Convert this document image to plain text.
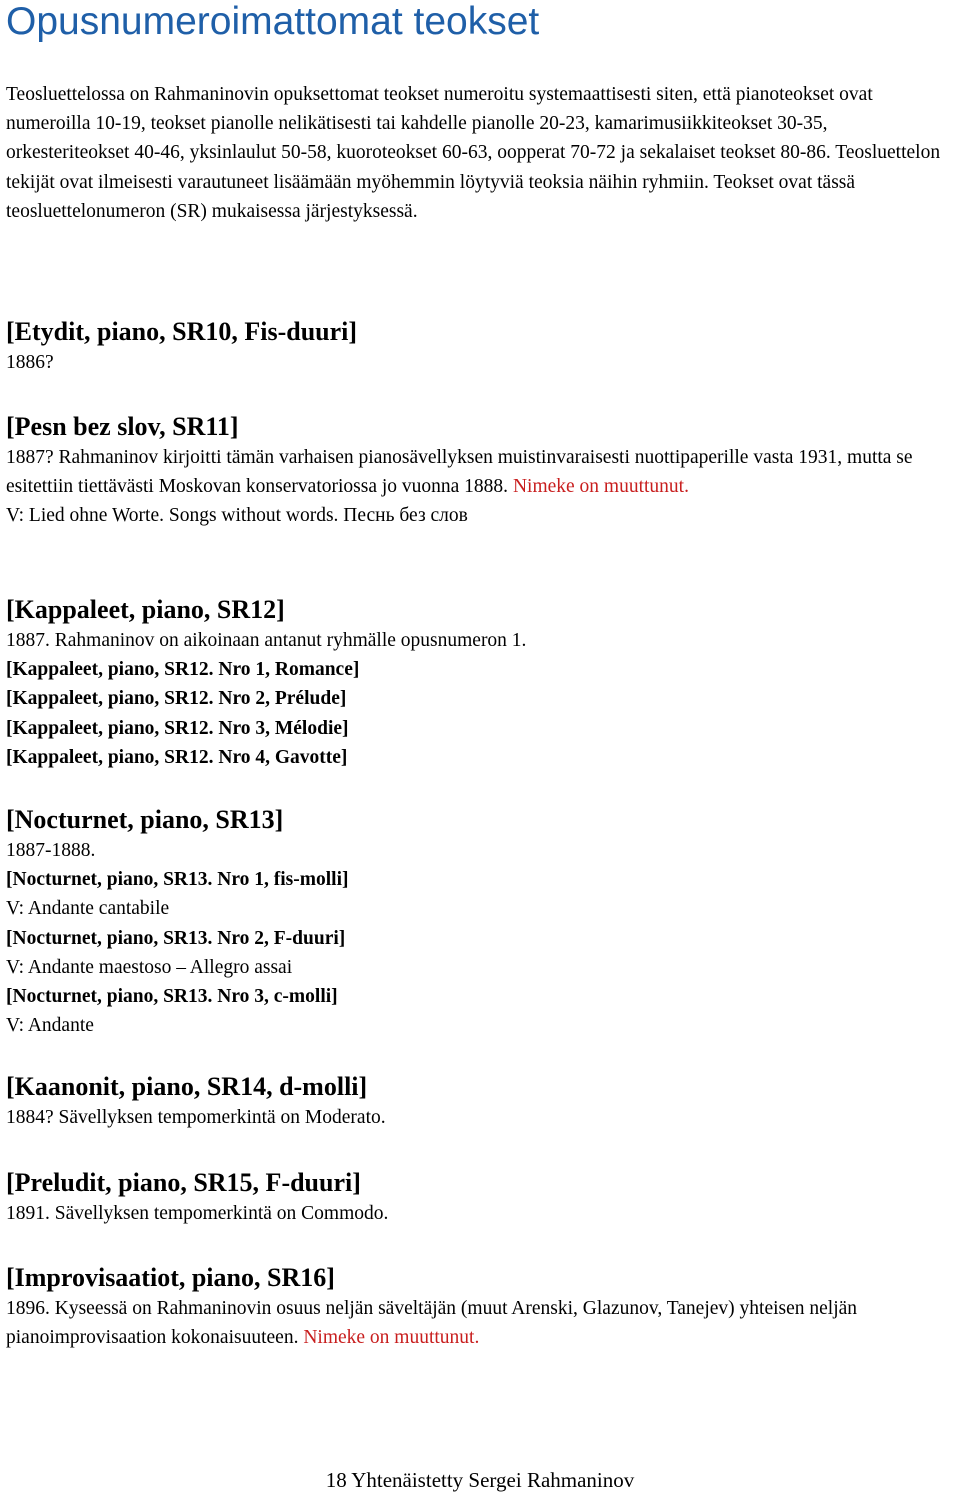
Opusnumeroimattomat teokset

Teosluettelossa on Rahmaninovin opuksettomat teokset numeroitu systemaattisesti siten, että pianoteokset ovat numeroilla 10-19, teokset pianolle nelikätisesti tai kahdelle pianolle 20-23, kamarimusiikkiteokset 30-35, orkesteriteokset 40-46, yksinlaulut 50-58, kuoroteokset 60-63, oopperat 70-72 ja sekalaiset teokset 80-86. Teosluettelon tekijät ovat ilmeisesti varautuneet lisäämään myöhemmin löytyviä teoksia näihin ryhmiin. Teokset ovat tässä teosluettelonumeron (SR) mukaisessa järjestyksessä.

[Etydit, piano, SR10, Fis-duuri]

1886?

[Pesn bez slov, SR11]

1887? Rahmaninov kirjoitti tämän varhaisen pianosävellyksen muistinvaraisesti nuottipaperille vasta 1931, mutta se esitettiin tiettävästi Moskovan konservatoriossa jo vuonna 1888. Nimeke on muuttunut.

V: Lied ohne Worte. Songs without words. Песнь без слов

[Kappaleet, piano, SR12]

1887. Rahmaninov on aikoinaan antanut ryhmälle opusnumeron 1.

[Kappaleet, piano, SR12. Nro 1, Romance]

[Kappaleet, piano, SR12. Nro 2, Prélude]

[Kappaleet, piano, SR12. Nro 3, Mélodie]

[Kappaleet, piano, SR12. Nro 4, Gavotte]

[Nocturnet, piano, SR13]

1887-1888.

[Nocturnet, piano, SR13. Nro 1, fis-molli]

V: Andante cantabile

[Nocturnet, piano, SR13. Nro 2, F-duuri]

V: Andante maestoso – Allegro assai

[Nocturnet, piano, SR13. Nro 3, c-molli]

V: Andante

[Kaanonit, piano, SR14, d-molli]

1884? Sävellyksen tempomerkintä on Moderato.

[Preludit, piano, SR15, F-duuri]

1891. Sävellyksen tempomerkintä on Commodo.

[Improvisaatiot, piano, SR16]

1896. Kyseessä on Rahmaninovin osuus neljän säveltäjän (muut Arenski, Glazunov, Tanejev) yhteisen neljän pianoimprovisaation kokonaisuuteen. Nimeke on muuttunut.

18 Yhtenäistetty Sergei Rahmaninov
